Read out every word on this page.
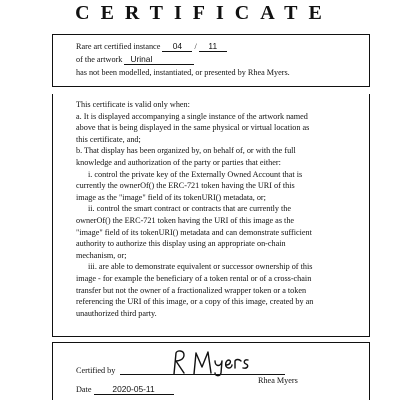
CERTIFICATE
Rare art certified instance 04 / 11
of the artwork Urinal
has not been modelled, instantiated, or presented by Rhea Myers.
This certificate is valid only when:
a. It is displayed accompanying a single instance of the artwork named
above that is being displayed in the same physical or virtual location as
this certificate, and;
b. That display has been organized by, on behalf of, or with the full
knowledge and authorization of the party or parties that either:
i. control the private key of the Externally Owned Account that is
currently the ownerOf() the ERC-721 token having the URI of this
image as the "image" field of its tokenURI() metadata, or;
ii. control the smart contract or contracts that are currently the
ownerOf() the ERC-721 token having the URI of this image as the
"image" field of its tokenURI() metadata and can demonstrate sufficient
authority to authorize this display using an appropriate on-chain
mechanism, or;
iii. are able to demonstrate equivalent or successor ownership of this
image - for example the beneficiary of a token rental or of a cross-chain
transfer but not the owner of a fractionalized wrapper token or a token
referencing the URI of this image, or a copy of this image, created by an
unauthorized third party.
Certified by
Rhea Myers
Date 2020-05-11
